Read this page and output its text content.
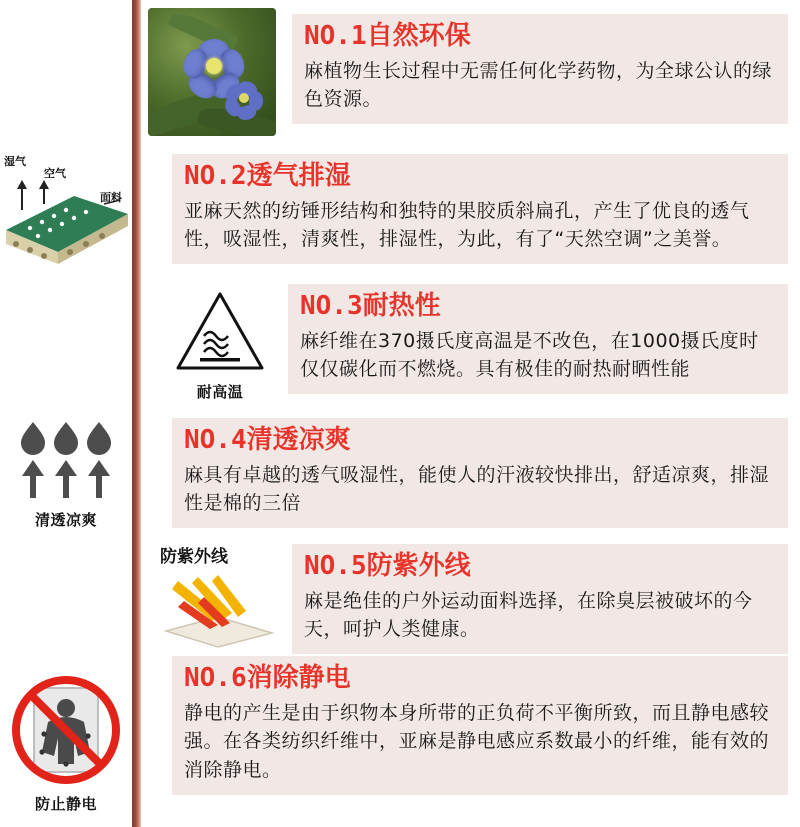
NO.1自然环保

麻植物生长过程中无需任何化学药物，为全球公认的绿色资源。

湿气
空气
面料

NO.2透气排湿

亚麻天然的纺锤形结构和独特的果胶质斜扁孔，产生了优良的透气性，吸湿性，清爽性，排湿性，为此，有了“天然空调”之美誉。

耐高温

NO.3耐热性

麻纤维在370摄氏度高温是不改色，在1000摄氏度时仅仅碳化而不燃烧。具有极佳的耐热耐晒性能

清透凉爽

NO.4清透凉爽

麻具有卓越的透气吸湿性，能使人的汗液较快排出，舒适凉爽，排湿性是棉的三倍

防紫外线	NO.5防紫外线

麻是绝佳的户外运动面料选择，在除臭层被破坏的今天，呵护人类健康。

防止静电

NO.6消除静电

静电的产生是由于织物本身所带的正负荷不平衡所致，而且静电感较强。在各类纺织纤维中，亚麻是静电感应系数最小的纤维，能有效的消除静电。
